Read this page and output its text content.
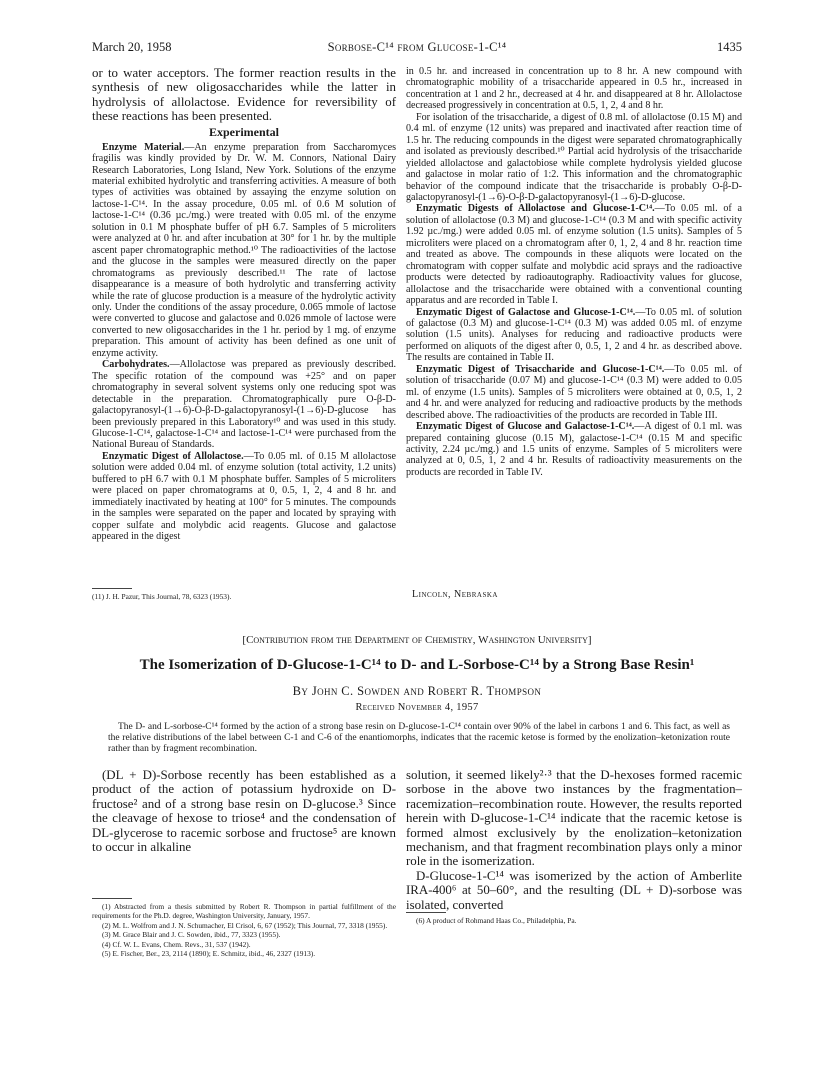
March 20, 1958	Sorbose-C¹⁴ from Glucose-1-C¹⁴	1435

or to water acceptors. The former reaction results in the synthesis of new oligosaccharides while the latter in hydrolysis of allolactose. Evidence for reversibility of these reactions has been presented.

Experimental

Enzyme Material.—An enzyme preparation from Saccharomyces fragilis was kindly provided by Dr. W. M. Connors, National Dairy Research Laboratories, Long Island, New York. Solutions of the enzyme material exhibited hydrolytic and transferring activities. A measure of both types of activities was obtained by assaying the enzyme solution on lactose-1-C¹⁴. In the assay procedure, 0.05 ml. of 0.6 M solution of lactose-1-C¹⁴ (0.36 µc./mg.) were treated with 0.05 ml. of the enzyme solution in 0.1 M phosphate buffer of pH 6.7. Samples of 5 microliters were analyzed at 0 hr. and after incubation at 30° for 1 hr. by the multiple ascent paper chromatographic method.¹⁰ The radioactivities of the lactose and the glucose in the samples were measured directly on the paper chromatograms as previously described.¹¹ The rate of lactose disappearance is a measure of both hydrolytic and transferring activity while the rate of glucose production is a measure of the hydrolytic activity only. Under the conditions of the assay procedure, 0.065 mmole of lactose were converted to glucose and galactose and 0.026 mmole of lactose were converted to new oligosaccharides in the 1 hr. period by 1 mg. of enzyme preparation. This amount of activity has been defined as one unit of enzyme activity.

Carbohydrates.—Allolactose was prepared as previously described. The specific rotation of the compound was +25° and on paper chromatography in several solvent systems only one reducing spot was detectable in the preparation. Chromatographically pure O-β-D-galactopyranosyl-(1→6)-O-β-D-galactopyranosyl-(1→6)-D-glucose has been previously prepared in this Laboratory¹⁰ and was used in this study. Glucose-1-C¹⁴, galactose-1-C¹⁴ and lactose-1-C¹⁴ were purchased from the National Bureau of Standards.

Enzymatic Digest of Allolactose.—To 0.05 ml. of 0.15 M allolactose solution were added 0.04 ml. of enzyme solution (total activity, 1.2 units) buffered to pH 6.7 with 0.1 M phosphate buffer. Samples of 5 microliters were placed on paper chromatograms at 0, 0.5, 1, 2, 4 and 8 hr. and immediately inactivated by heating at 100° for 5 minutes. The compounds in the samples were separated on the paper and located by spraying with copper sulfate and molybdic acid reagents. Glucose and galactose appeared in the digest

(11) J. H. Pazur, This Journal, 78, 6323 (1953).

in 0.5 hr. and increased in concentration up to 8 hr. A new compound with chromatographic mobility of a trisaccharide appeared in 0.5 hr., increased in concentration at 1 and 2 hr., decreased at 4 hr. and disappeared at 8 hr. Allolactose decreased progressively in concentration at 0.5, 1, 2, 4 and 8 hr.

For isolation of the trisaccharide, a digest of 0.8 ml. of allolactose (0.15 M) and 0.4 ml. of enzyme (12 units) was prepared and inactivated after reaction time of 1.5 hr. The reducing compounds in the digest were separated chromatographically and isolated as previously described.¹⁰ Partial acid hydrolysis of the trisaccharide yielded allolactose and galactobiose while complete hydrolysis yielded glucose and galactose in molar ratio of 1:2. This information and the chromatographic behavior of the compound indicate that the trisaccharide is probably O-β-D-galactopyranosyl-(1→6)-O-β-D-galactopyranosyl-(1→6)-D-glucose.

Enzymatic Digests of Allolactose and Glucose-1-C¹⁴.—To 0.05 ml. of a solution of allolactose (0.3 M) and glucose-1-C¹⁴ (0.3 M and with specific activity 1.92 µc./mg.) were added 0.05 ml. of enzyme solution (1.5 units). Samples of 5 microliters were placed on a chromatogram after 0, 1, 2, 4 and 8 hr. reaction time and treated as above. The compounds in these aliquots were located on the chromatogram with copper sulfate and molybdic acid sprays and the radioactive products were detected by radioautography. Radioactivity values for glucose, allolactose and the trisaccharide were obtained with a conventional counting apparatus and are recorded in Table I.

Enzymatic Digest of Galactose and Glucose-1-C¹⁴.—To 0.05 ml. of solution of galactose (0.3 M) and glucose-1-C¹⁴ (0.3 M) was added 0.05 ml. of enzyme solution (1.5 units). Analyses for reducing and radioactive products were performed on aliquots of the digest after 0, 0.5, 1, 2 and 4 hr. as described above. The results are contained in Table II.

Enzymatic Digest of Trisaccharide and Glucose-1-C¹⁴.—To 0.05 ml. of solution of trisaccharide (0.07 M) and glucose-1-C¹⁴ (0.3 M) were added to 0.05 ml. of enzyme (1.5 units). Samples of 5 microliters were obtained at 0, 0.5, 1, 2 and 4 hr. and were analyzed for reducing and radioactive products by the methods described above. The radioactivities of the products are recorded in Table III.

Enzymatic Digest of Glucose and Galactose-1-C¹⁴.—A digest of 0.1 ml. was prepared containing glucose (0.15 M), galactose-1-C¹⁴ (0.15 M and specific activity, 2.24 µc./mg.) and 1.5 units of enzyme. Samples of 5 microliters were analyzed at 0, 0.5, 1, 2 and 4 hr. Results of radioactivity measurements on the products are recorded in Table IV.

Lincoln, Nebraska
[Contribution from the Department of Chemistry, Washington University]
The Isomerization of D-Glucose-1-C¹⁴ to D- and L-Sorbose-C¹⁴ by a Strong Base Resin¹
By John C. Sowden and Robert R. Thompson
Received November 4, 1957
The D- and L-sorbose-C¹⁴ formed by the action of a strong base resin on D-glucose-1-C¹⁴ contain over 90% of the label in carbons 1 and 6. This fact, as well as the relative distributions of the label between C-1 and C-6 of the enantiomorphs, indicates that the racemic ketose is formed by the enolization–ketonization route rather than by fragment recombination.

(DL + D)-Sorbose recently has been established as a product of the action of potassium hydroxide on D-fructose² and of a strong base resin on D-glucose.³ Since the cleavage of hexose to triose⁴ and the condensation of DL-glycerose to racemic sorbose and fructose⁵ are known to occur in alkaline

(1) Abstracted from a thesis submitted by Robert R. Thompson in partial fulfillment of the requirements for the Ph.D. degree, Washington University, January, 1957.

(2) M. L. Wolfrom and J. N. Schumacher, El Crisol, 6, 67 (1952); This Journal, 77, 3318 (1955).

(3) M. Grace Blair and J. C. Sowden, ibid., 77, 3323 (1955).

(4) Cf. W. L. Evans, Chem. Revs., 31, 537 (1942).

(5) E. Fischer, Ber., 23, 2114 (1890); E. Schmitz, ibid., 46, 2327 (1913).

solution, it seemed likely²·³ that the D-hexoses formed racemic sorbose in the above two instances by the fragmentation–racemization–recombination route. However, the results reported herein with D-glucose-1-C¹⁴ indicate that the racemic ketose is formed almost exclusively by the enolization–ketonization mechanism, and that fragment recombination plays only a minor role in the isomerization.

D-Glucose-1-C¹⁴ was isomerized by the action of Amberlite IRA-400⁶ at 50–60°, and the resulting (DL + D)-sorbose was isolated, converted

(6) A product of Rohmand Haas Co., Philadelphia, Pa.
